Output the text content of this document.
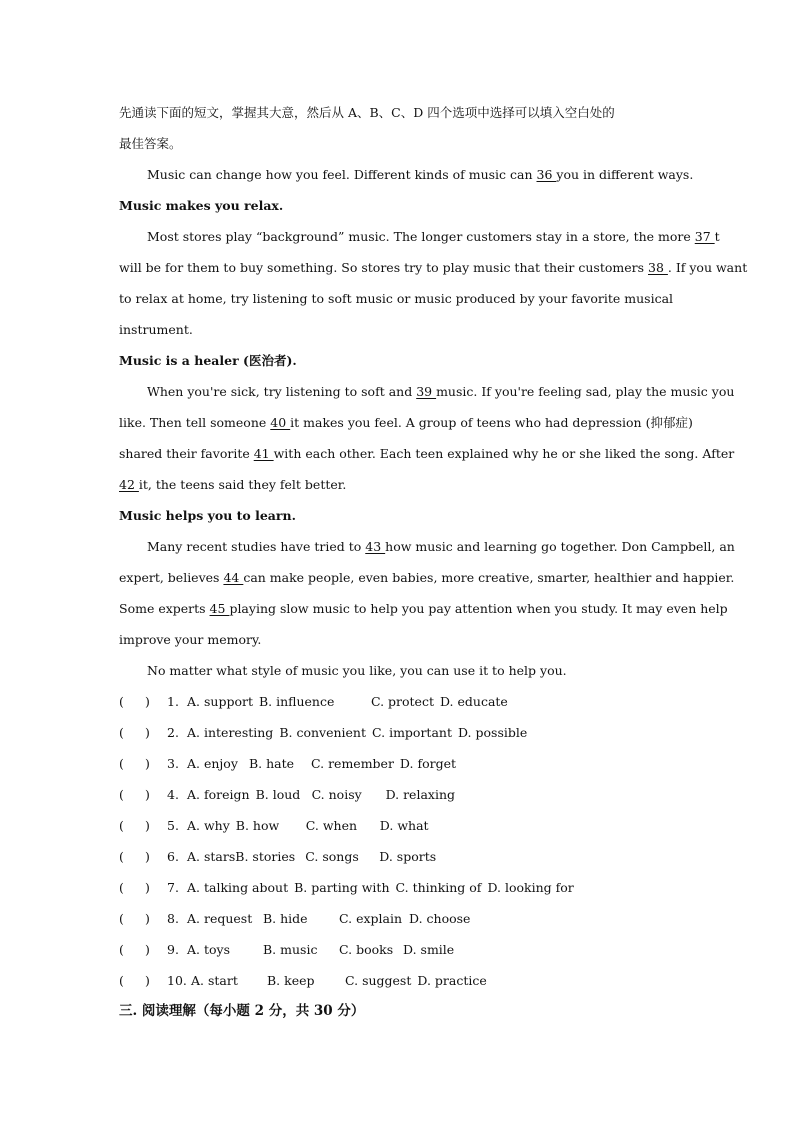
先通读下面的短文，掌握其大意，然后从 A、B、C、D 四个选项中选择可以填入空白处的
最佳答案。
Music can change how you feel. Different kinds of music can 36 you in different ways.
Music makes you relax.
Most stores play “background” music. The longer customers stay in a store, the more 37 t
will be for them to buy something. So stores try to play music that their customers 38 . If you want
to relax at home, try listening to soft music or music produced by your favorite musical
instrument.
Music is a healer (医治者).
When you're sick, try listening to soft and 39 music. If you're feeling sad, play the music you
like. Then tell someone 40 it makes you feel. A group of teens who had depression (抑郁症)
shared their favorite 41 with each other. Each teen explained why he or she liked the song. After
42 it, the teens said they felt better.
Music helps you to learn.
Many recent studies have tried to 43 how music and learning go together. Don Campbell, an
expert, believes 44 can make people, even babies, more creative, smarter, healthier and happier.
Some experts 45 playing slow music to help you pay attention when you study. It may even help
improve your memory.
No matter what style of music you like, you can use it to help you.
(	)	1. A. support B. influence	C. protect D. educate
(	)	2. A. interesting B. convenient C. important D. possible
(	)	3. A. enjoy B. hate	C. remember D. forget
(	)	4. A. foreign B. loud C. noisy	D. relaxing
(	)	5. A. why B. how	C. when	D. what
(	)	6. A. stars B. stories C. songs	D. sports
(	)	7. A. talking about B. parting with C. thinking of D. looking for
(	)	8. A. request B. hide	C. explain D. choose
(	)	9. A. toys	B. music	C. books D. smile
(	)	10. A. start	B. keep	C. suggest D. practice
三. 阅读理解（每小题 2 分，共 30 分）
